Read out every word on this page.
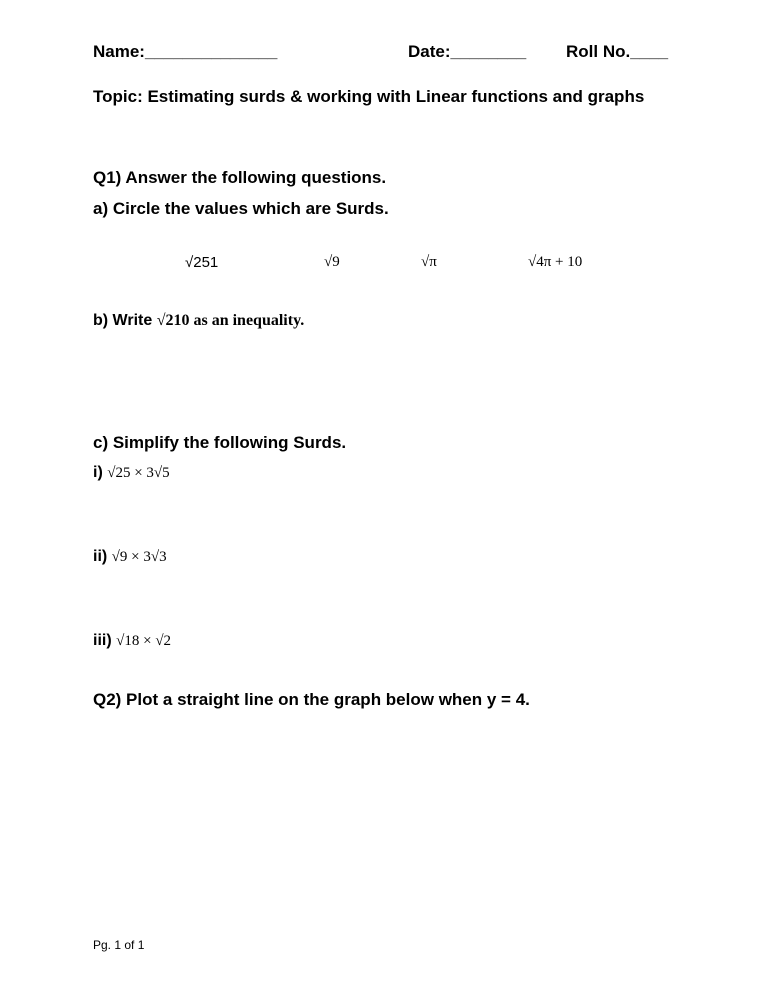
Name:______________	Date:________ Roll No.____
Topic: Estimating surds & working with Linear functions and graphs
Q1) Answer the following questions.
a) Circle the values which are Surds.
√251	√9	√π	√4π + 10
b) Write √210 as an inequality.
c) Simplify the following Surds.
i) √25 × 3√5
ii) √9 × 3√3
iii) √18 × √2
Q2) Plot a straight line on the graph below when y = 4.
Pg. 1 of 1
